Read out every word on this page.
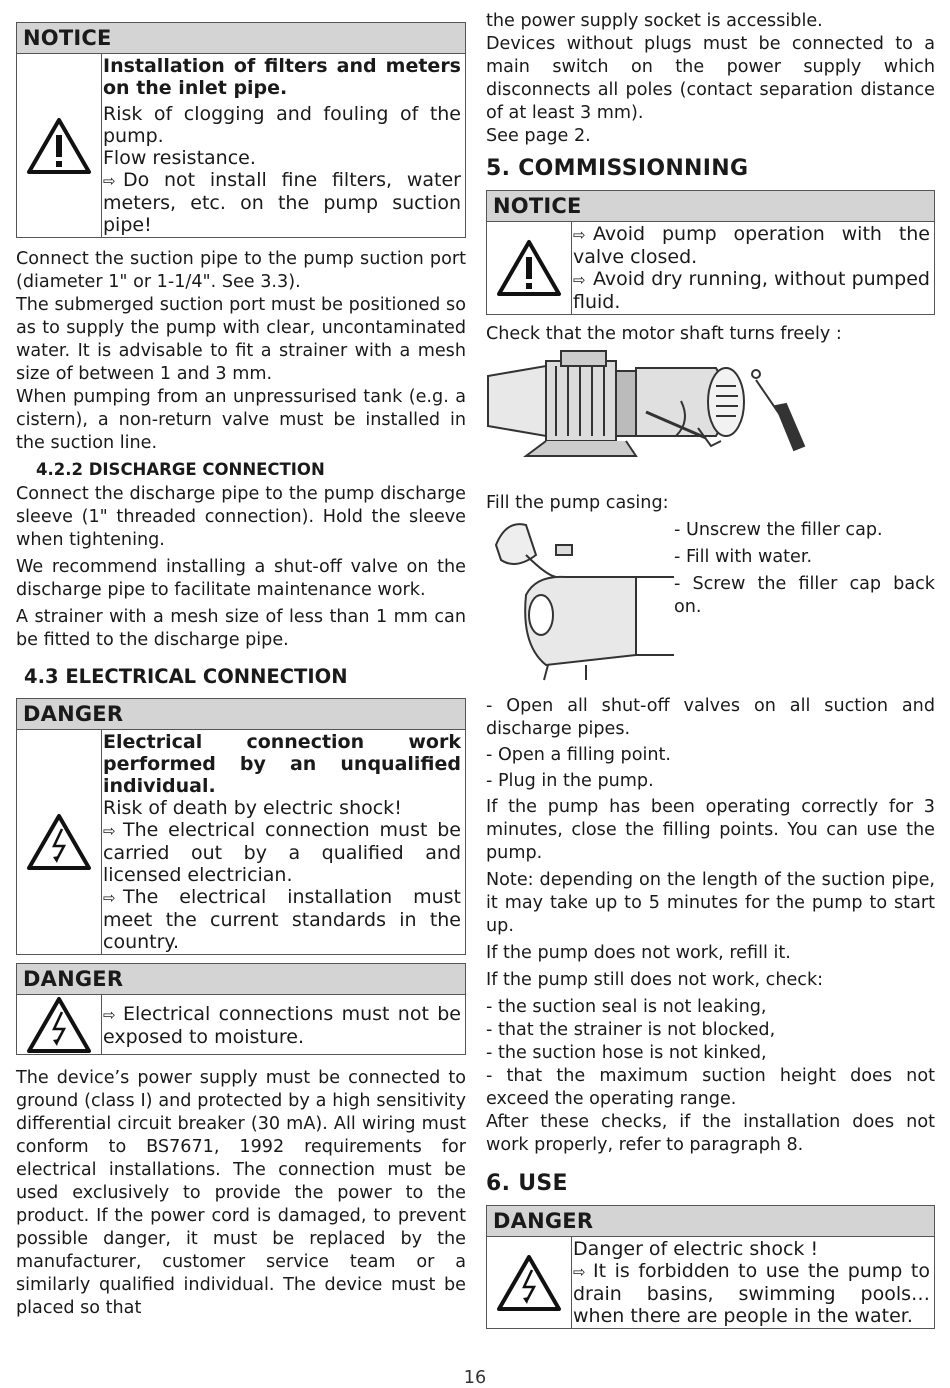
NOTICE
Installation of filters and meters on the inlet pipe.
Risk of clogging and fouling of the pump.
Flow resistance.
⇨ Do not install fine filters, water meters, etc. on the pump suction pipe!

Connect the suction pipe to the pump suction port (diameter 1" or 1-1/4". See 3.3).

The submerged suction port must be positioned so as to supply the pump with clear, uncontaminated water. It is advisable to fit a strainer with a mesh size of between 1 and 3 mm.

When pumping from an unpressurised tank (e.g. a cistern), a non-return valve must be installed in the suction line.

4.2.2 DISCHARGE CONNECTION

Connect the discharge pipe to the pump discharge sleeve (1" threaded connection). Hold the sleeve when tightening.

We recommend installing a shut-off valve on the discharge pipe to facilitate maintenance work.

A strainer with a mesh size of less than 1 mm can be fitted to the discharge pipe.

4.3 ELECTRICAL CONNECTION
DANGER
Electrical connection work performed by an unqualified individual.
Risk of death by electric shock!
⇨ The electrical connection must be carried out by a qualified and licensed electrician.
⇨ The electrical installation must meet the current standards in the country.
DANGER
⇨ Electrical connections must not be exposed to moisture.

The device’s power supply must be connected to ground (class I) and protected by a high sensitivity differential circuit breaker (30 mA). All wiring must conform to BS7671, 1992 requirements for electrical installations. The connection must be used exclusively to provide the power to the product. If the power cord is damaged, to prevent possible danger, it must be replaced by the manufacturer, customer service team or a similarly qualified individual. The device must be placed so that

the power supply socket is accessible.

Devices without plugs must be connected to a main switch on the power supply which disconnects all poles (contact separation distance of at least 3 mm).

See page 2.

5. COMMISSIONNING
NOTICE
⇨ Avoid pump operation with the valve closed.
⇨ Avoid dry running, without pumped fluid.

Check that the motor shaft turns freely :

Fill the pump casing:

- Unscrew the filler cap.
- Fill with water.
- Screw the filler cap back on.
- Open all shut-off valves on all suction and discharge pipes.
- Open a filling point.
- Plug in the pump.

If the pump has been operating correctly for 3 minutes, close the filling points. You can use the pump.

Note: depending on the length of the suction pipe, it may take up to 5 minutes for the pump to start up.

If the pump does not work, refill it.

If the pump still does not work, check:

- the suction seal is not leaking,
- that the strainer is not blocked,
- the suction hose is not kinked,
- that the maximum suction height does not exceed the operating range.

After these checks, if the installation does not work properly, refer to paragraph 8.

6. USE
DANGER
Danger of electric shock !
⇨ It is forbidden to use the pump to drain basins, swimming pools… when there are people in the water.
16
